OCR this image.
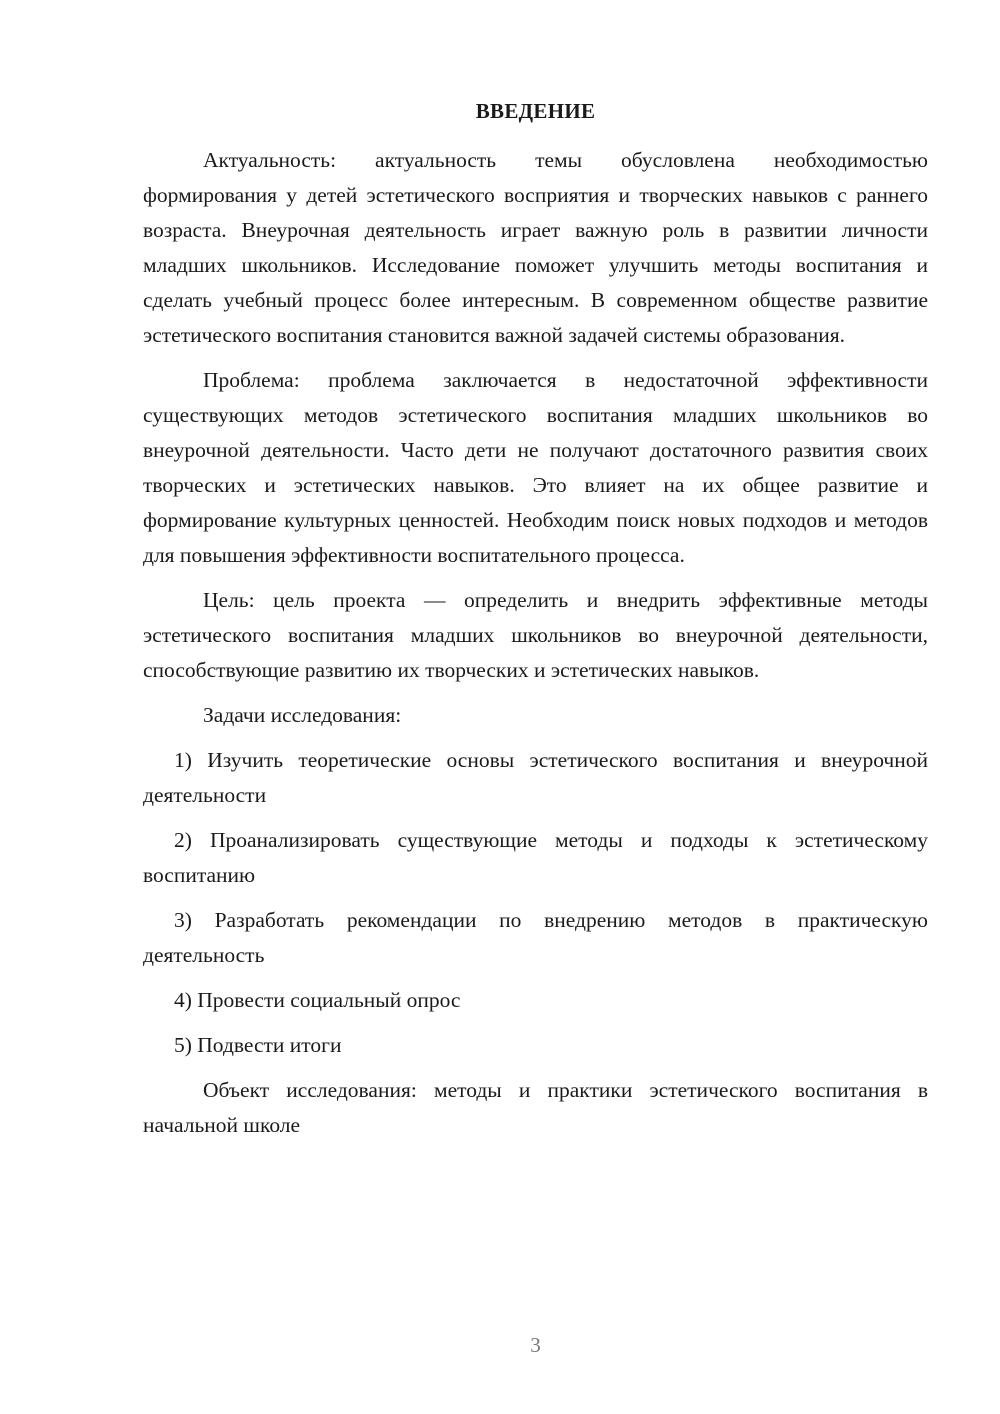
ВВЕДЕНИЕ

Актуальность: актуальность темы обусловлена необходимостью формирования у детей эстетического восприятия и творческих навыков с раннего возраста. Внеурочная деятельность играет важную роль в развитии личности младших школьников. Исследование поможет улучшить методы воспитания и сделать учебный процесс более интересным. В современном обществе развитие эстетического воспитания становится важной задачей системы образования.

Проблема: проблема заключается в недостаточной эффективности существующих методов эстетического воспитания младших школьников во внеурочной деятельности. Часто дети не получают достаточного развития своих творческих и эстетических навыков. Это влияет на их общее развитие и формирование культурных ценностей. Необходим поиск новых подходов и методов для повышения эффективности воспитательного процесса.

Цель: цель проекта — определить и внедрить эффективные методы эстетического воспитания младших школьников во внеурочной деятельности, способствующие развитию их творческих и эстетических навыков.

Задачи исследования:

1) Изучить теоретические основы эстетического воспитания и внеурочной деятельности

2) Проанализировать существующие методы и подходы к эстетическому воспитанию

3) Разработать рекомендации по внедрению методов в практическую деятельность

4) Провести социальный опрос

5) Подвести итоги

Объект исследования: методы и практики эстетического воспитания в начальной школе

3
